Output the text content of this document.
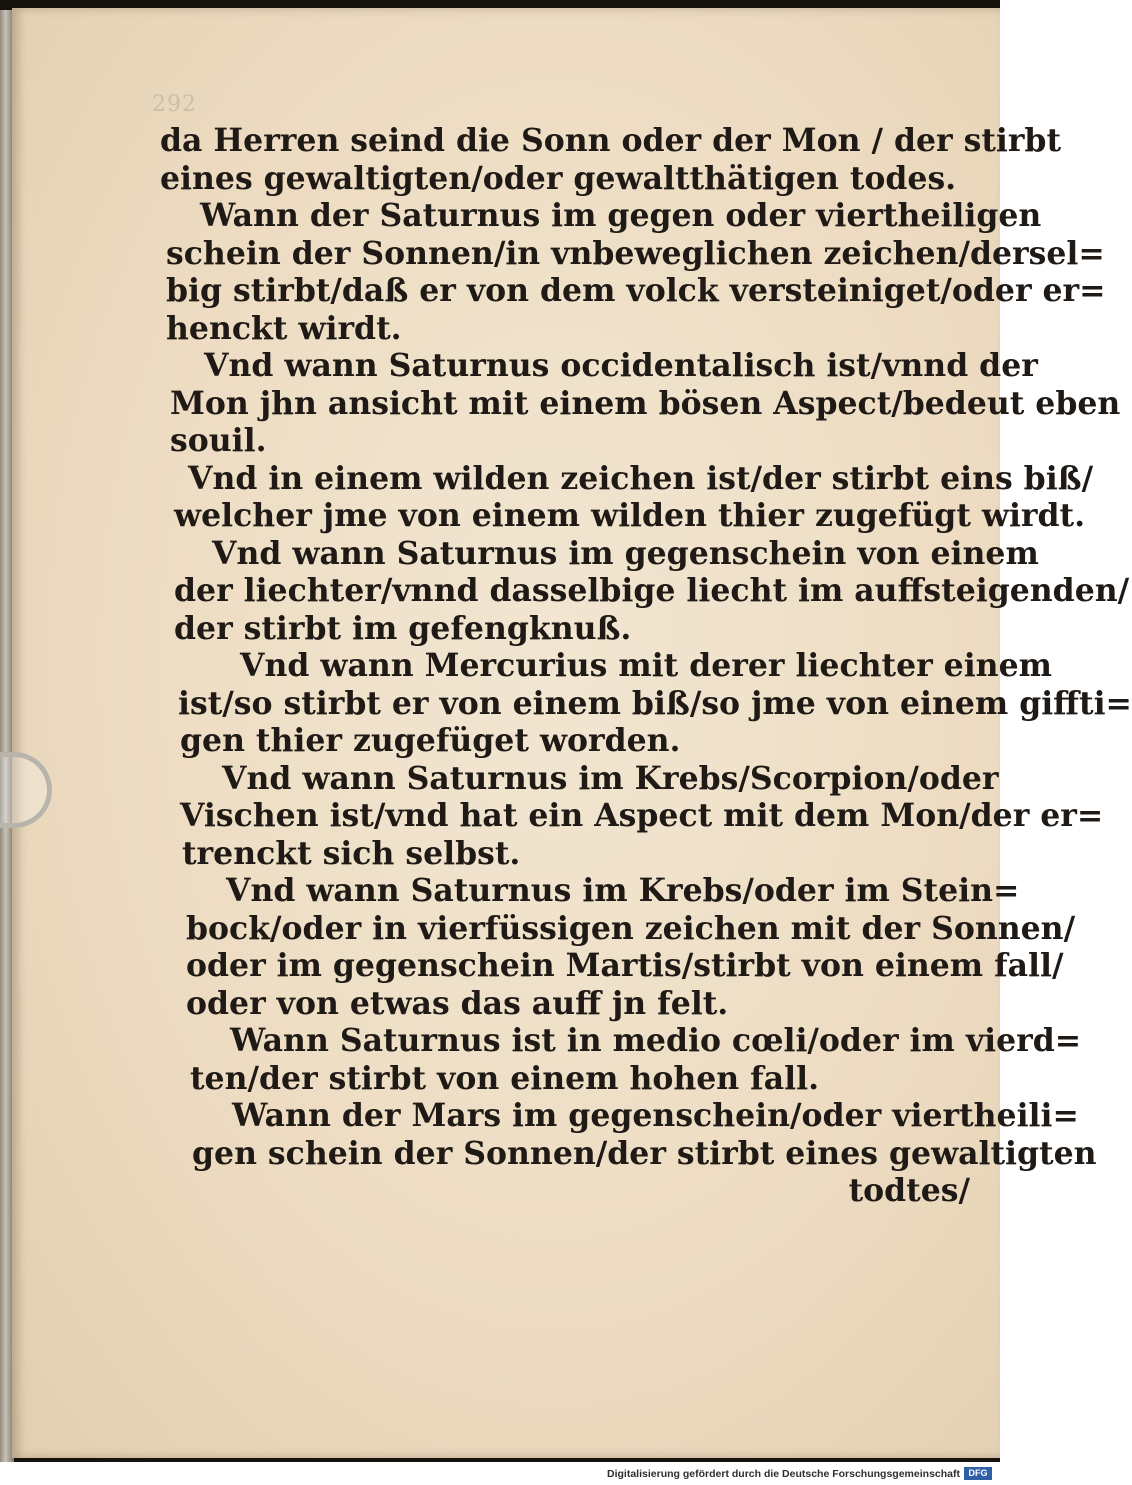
292
da Herren seind die Sonn oder der Mon / der stirbt
eines gewaltigten/oder gewaltthätigen todes.
Wann der Saturnus im gegen oder viertheiligen
schein der Sonnen/in vnbeweglichen zeichen/dersel=
big stirbt/daß er von dem volck versteiniget/oder er=
henckt wirdt.
Vnd wann Saturnus occidentalisch ist/vnnd der
Mon jhn ansicht mit einem bösen Aspect/bedeut eben
souil.
Vnd in einem wilden zeichen ist/der stirbt eins biß/
welcher jme von einem wilden thier zugefügt wirdt.
Vnd wann Saturnus im gegenschein von einem
der liechter/vnnd dasselbige liecht im auffsteigenden/
der stirbt im gefengknuß.
Vnd wann Mercurius mit derer liechter einem
ist/so stirbt er von einem biß/so jme von einem giffti=
gen thier zugefüget worden.
Vnd wann Saturnus im Krebs/Scorpion/oder
Vischen ist/vnd hat ein Aspect mit dem Mon/der er=
trenckt sich selbst.
Vnd wann Saturnus im Krebs/oder im Stein=
bock/oder in vierfüssigen zeichen mit der Sonnen/
oder im gegenschein Martis/stirbt von einem fall/
oder von etwas das auff jn felt.
Wann Saturnus ist in medio cœli/oder im vierd=
ten/der stirbt von einem hohen fall.
Wann der Mars im gegenschein/oder viertheili=
gen schein der Sonnen/der stirbt eines gewaltigten
todtes/
Digitalisierung gefördert durch die Deutsche Forschungsgemeinschaft DFG
